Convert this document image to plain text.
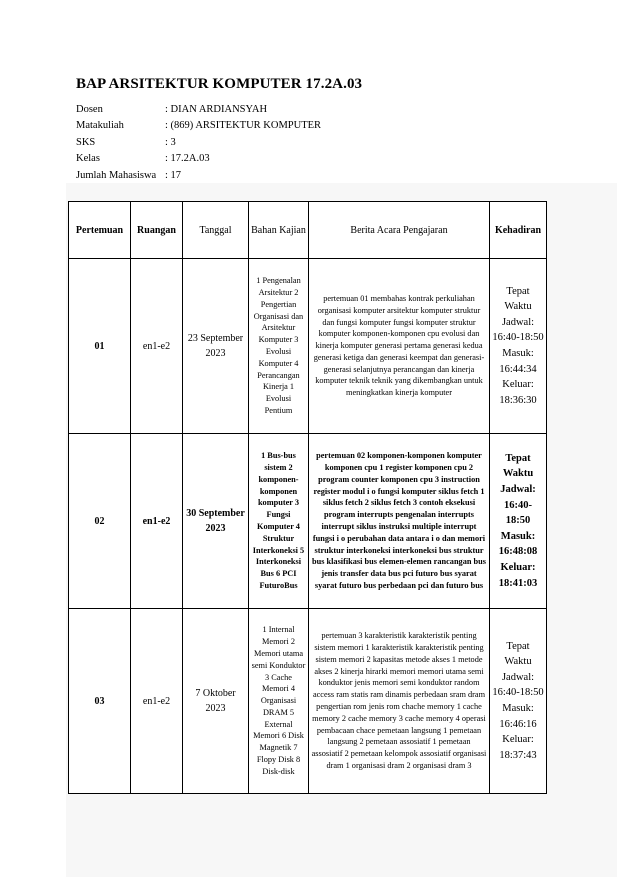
BAP ARSITEKTUR KOMPUTER 17.2A.03
Dosen	: DIAN ARDIANSYAH
Matakuliah	: (869) ARSITEKTUR KOMPUTER
SKS	: 3
Kelas	: 17.2A.03
Jumlah Mahasiswa : 17
Pertemuan	Ruangan	Tanggal	Bahan Kajian	Berita Acara Pengajaran	Kehadiran
01	en1-e2	23 September 2023	1 Pengenalan Arsitektur 2 Pengertian Organisasi dan Arsitektur Komputer 3 Evolusi Komputer 4 Perancangan Kinerja 1 Evolusi Pentium	pertemuan 01 membahas kontrak perkuliahan organisasi komputer arsitektur komputer struktur dan fungsi komputer fungsi komputer struktur komputer komponen-komponen cpu evolusi dan kinerja komputer generasi pertama generasi kedua generasi ketiga dan generasi keempat dan generasi-generasi selanjutnya perancangan dan kinerja komputer teknik teknik yang dikembangkan untuk meningkatkan kinerja komputer	Tepat Waktu Jadwal: 16:40-18:50 Masuk: 16:44:34 Keluar: 18:36:30
02	en1-e2	30 September 2023	1 Bus-bus sistem 2 komponen-komponen komputer 3 Fungsi Komputer 4 Struktur Interkoneksi 5 Interkoneksi Bus 6 PCI FuturoBus	pertemuan 02 komponen-komponen komputer komponen cpu 1 register komponen cpu 2 program counter komponen cpu 3 instruction register modul i o fungsi komputer siklus fetch 1 siklus fetch 2 siklus fetch 3 contoh eksekusi program interrupts pengenalan interrupts interrupt siklus instruksi multiple interrupt fungsi i o perubahan data antara i o dan memori struktur interkoneksi interkoneksi bus struktur bus klasifikasi bus elemen-elemen rancangan bus jenis transfer data bus pci futuro bus syarat syarat futuro bus perbedaan pci dan futuro bus	Tepat Waktu Jadwal: 16:40-18:50 Masuk: 16:48:08 Keluar: 18:41:03
03	en1-e2	7 Oktober 2023	1 Internal Memori 2 Memori utama semi Konduktor 3 Cache Memori 4 Organisasi DRAM 5 External Memori 6 Disk Magnetik 7 Flopy Disk 8 Disk-disk	pertemuan 3 karakteristik karakteristik penting sistem memori 1 karakteristik karakteristik penting sistem memori 2 kapasitas metode akses 1 metode akses 2 kinerja hirarki memori memori utama semi konduktor jenis memori semi konduktor random access ram statis ram dinamis perbedaan sram dram pengertian rom jenis rom chache memory 1 cache memory 2 cache memory 3 cache memory 4 operasi pembacaan chace pemetaan langsung 1 pemetaan langsung 2 pemetaan assosiatif 1 pemetaan assosiatif 2 pemetaan kelompok assosiatif organisasi dram 1 organisasi dram 2 organisasi dram 3	Tepat Waktu Jadwal: 16:40-18:50 Masuk: 16:46:16 Keluar: 18:37:43
